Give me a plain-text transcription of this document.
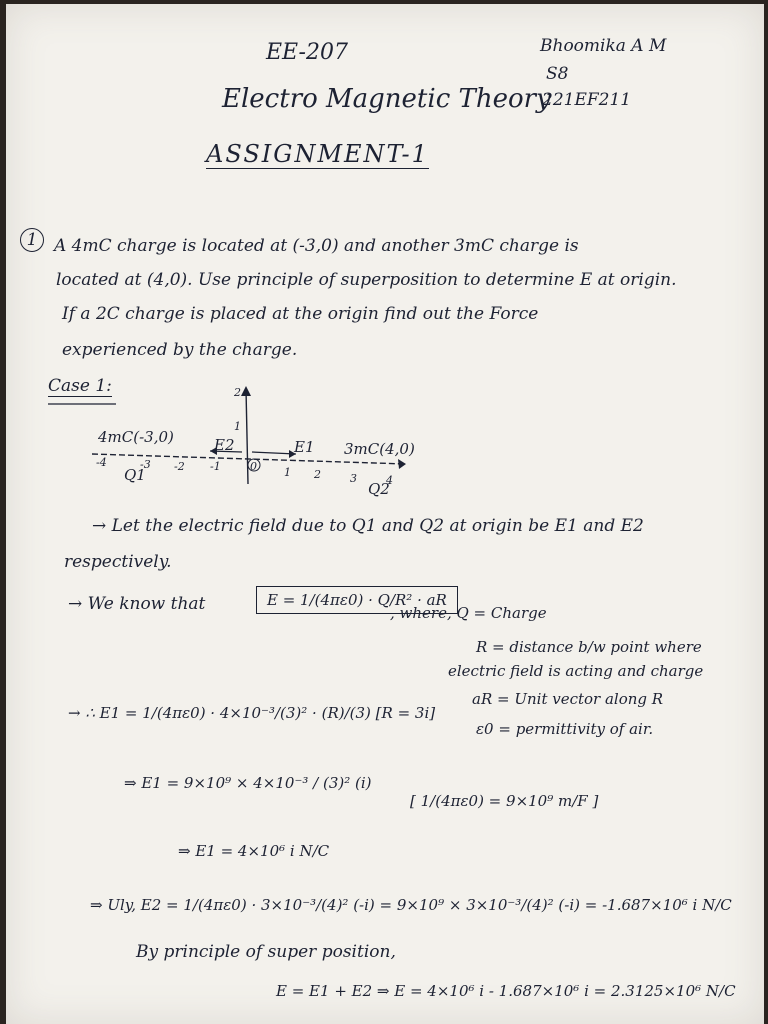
EE-207
Electro Magnetic Theory
ASSIGNMENT-1
Bhoomika A M
S8
221EF211
1 A 4mC charge is located at (-3,0) and another 3mC charge is
located at (4,0). Use principle of superposition to determine E at origin.
If a 2C charge is placed at the origin find out the Force
experienced by the charge.
Case 1:	2
1
-4	-3 -2 -1	0 1 2	3	4
4mC(-3,0)
3mC(4,0)
E2	E1
Q1
Q2
→ Let the electric field due to Q1 and Q2 at origin be E1 and E2
respectively.
→ We know that	E = 1/(4πε0) · Q/R² · aR
, where, Q = Charge
R = distance b/w point where
electric field is acting and charge
aR = Unit vector along R
ε0 = permittivity of air.
→ ∴ E1 = 1/(4πε0) · 4×10⁻³/(3)² · (R)/(3) [R = 3i]
⇒ E1 = 9×10⁹ × 4×10⁻³ / (3)² (i)
[ 1/(4πε0) = 9×10⁹ m/F ]
⇒ E1 = 4×10⁶ i N/C
⇒ Uly, E2 = 1/(4πε0) · 3×10⁻³/(4)² (-i) = 9×10⁹ × 3×10⁻³/(4)² (-i) = -1.687×10⁶ i N/C
By principle of super position,
E = E1 + E2 ⇒ E = 4×10⁶ i - 1.687×10⁶ i = 2.3125×10⁶ N/C
